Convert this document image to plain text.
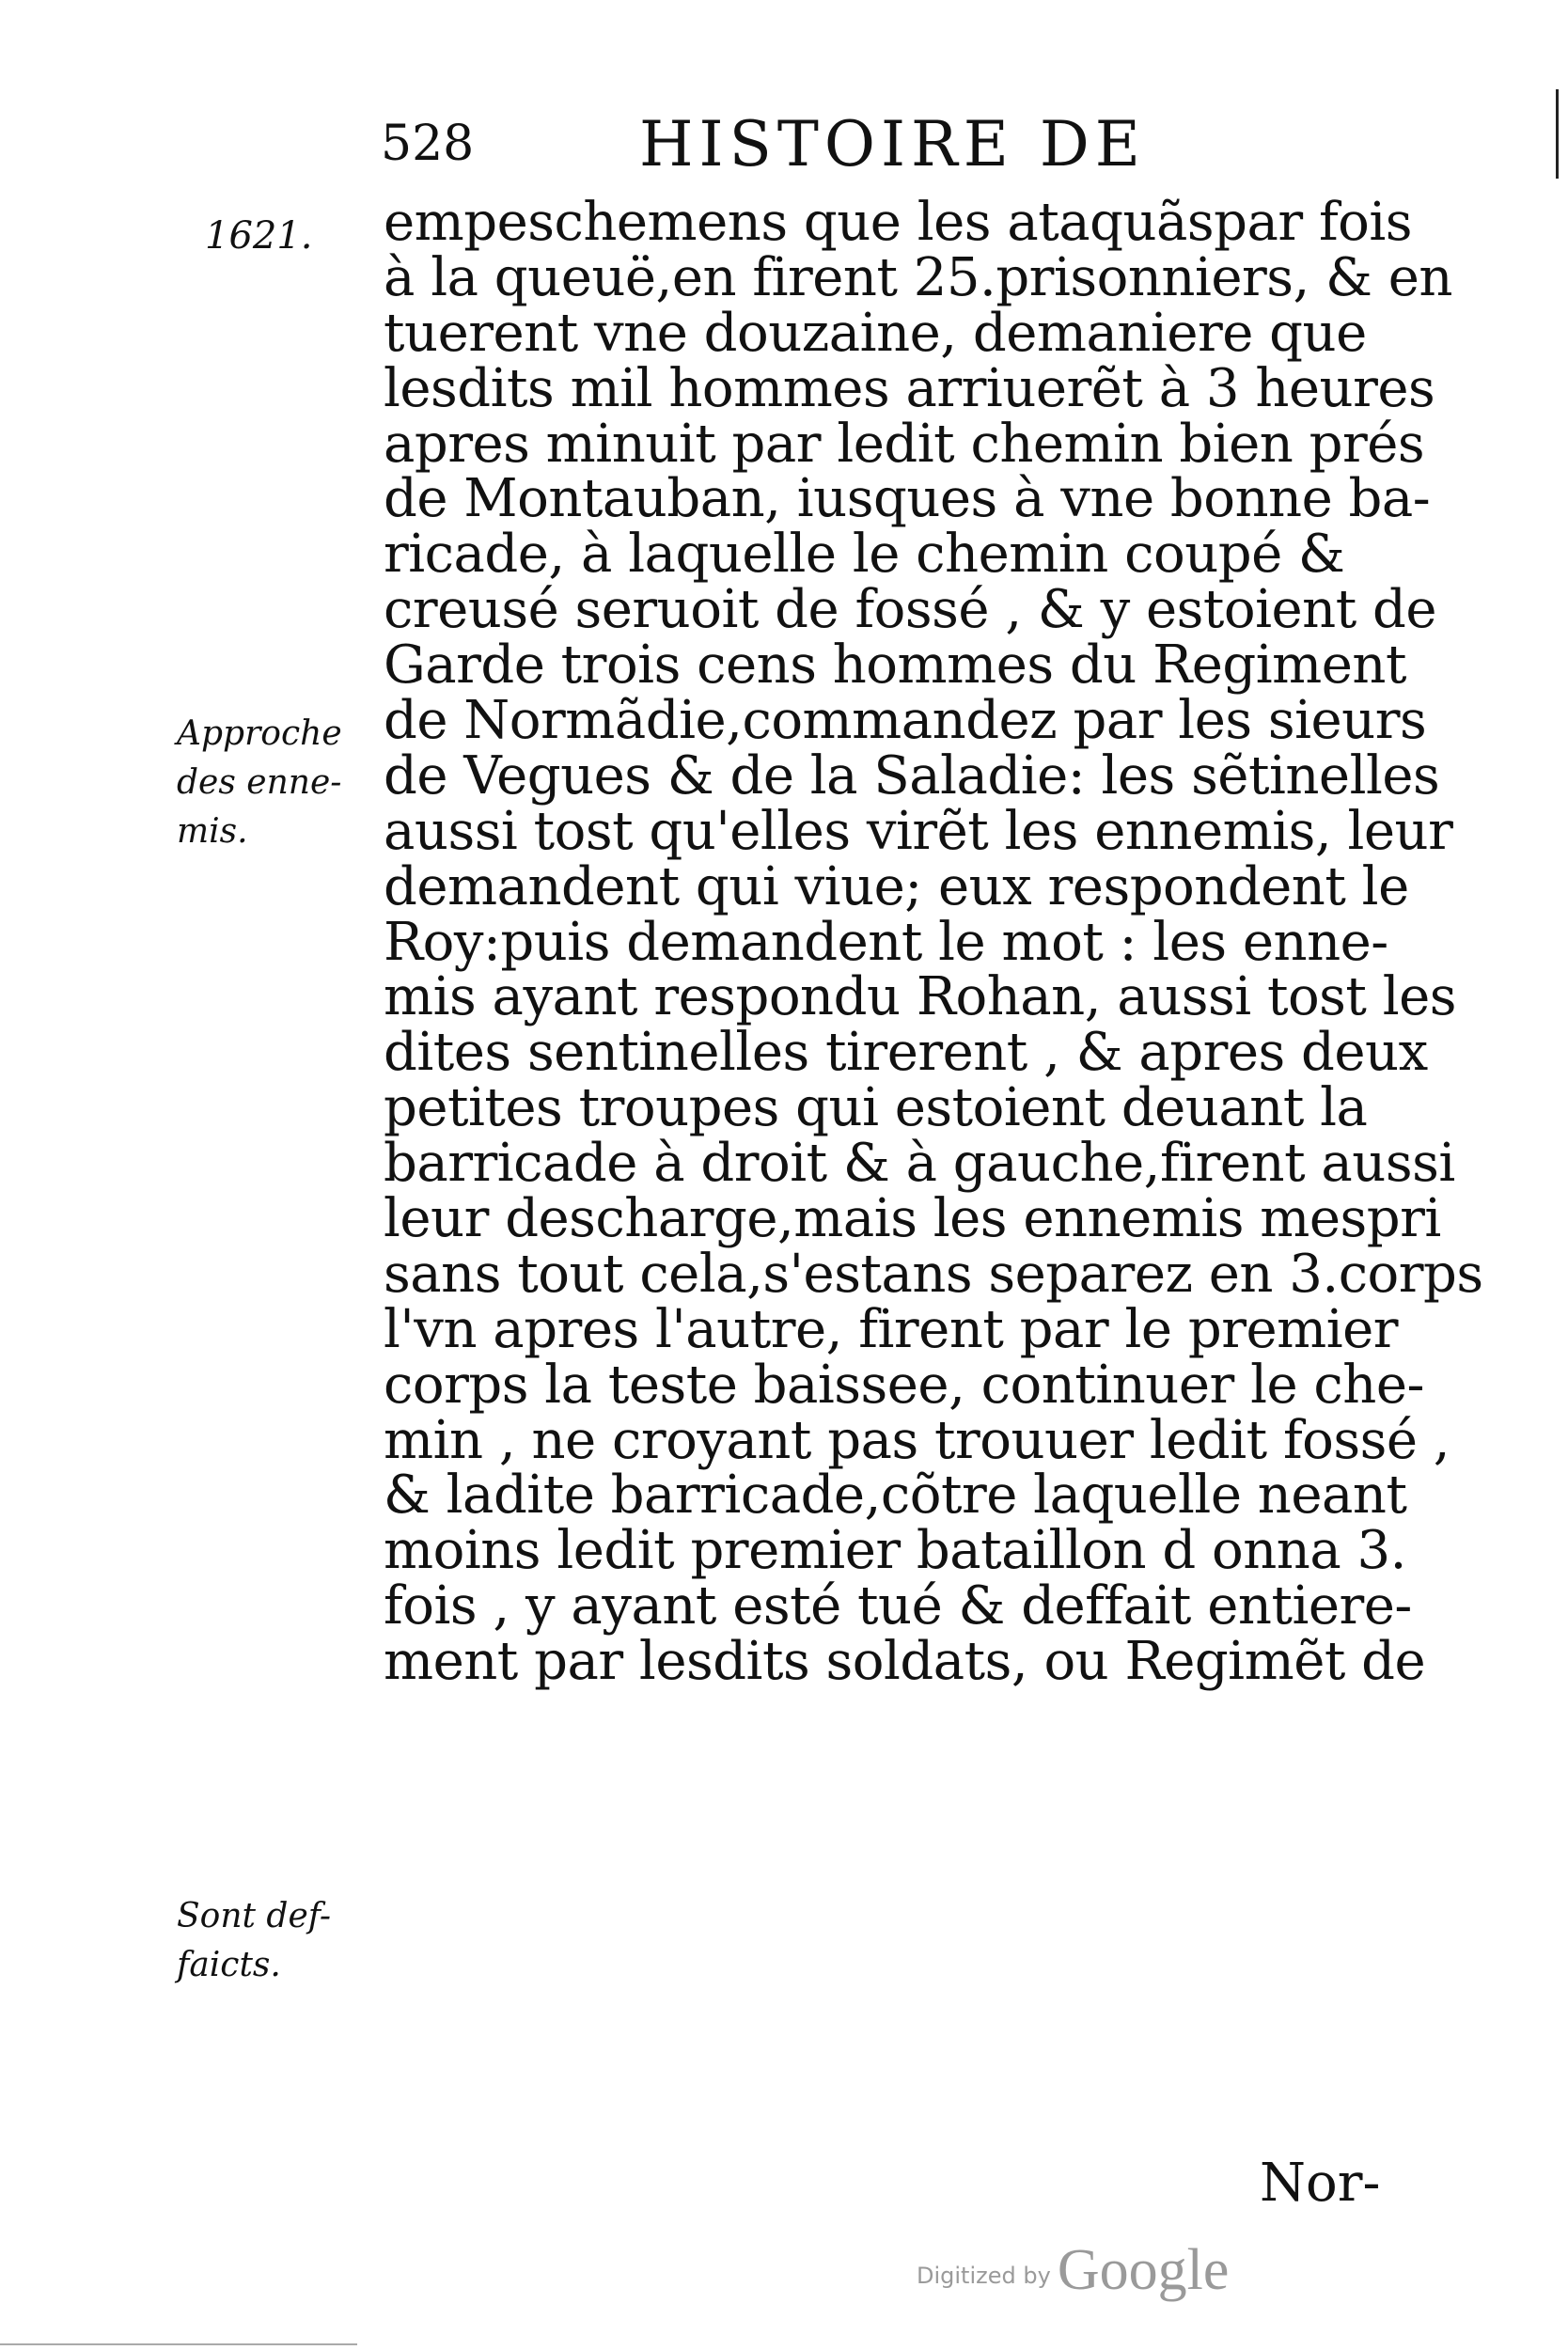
528	HISTOIRE DE
1621.
Approche des enne-mis.
Sont def-faicts.
empeschemens que les ataquãspar fois
à la queuë,en firent 25.prisonniers, & en
tuerent vne douzaine, demaniere que
lesdits mil hommes arriuerẽt à 3 heures
apres minuit par ledit chemin bien prés
de Montauban, iusques à vne bonne ba-
ricade, à laquelle le chemin coupé &
creusé seruoit de fossé , & y estoient de
Garde trois cens hommes du Regiment
de Normãdie,commandez par les sieurs
de Vegues & de la Saladie: les sẽtinelles
aussi tost qu'elles virẽt les ennemis, leur
demandent qui viue; eux respondent le
Roy:puis demandent le mot : les enne-
mis ayant respondu Rohan, aussi tost les
dites sentinelles tirerent , & apres deux
petites troupes qui estoient deuant la
barricade à droit & à gauche,firent aussi
leur descharge,mais les ennemis mespri
sans tout cela,s'estans separez en 3.corps
l'vn apres l'autre, firent par le premier
corps la teste baissee, continuer le che-
min , ne croyant pas trouuer ledit fossé ,
& ladite barricade,cõtre laquelle neant
moins ledit premier bataillon d onna 3.
fois , y ayant esté tué & deffait entiere-
ment par lesdits soldats, ou Regimẽt de
Nor-
Digitized by Google
